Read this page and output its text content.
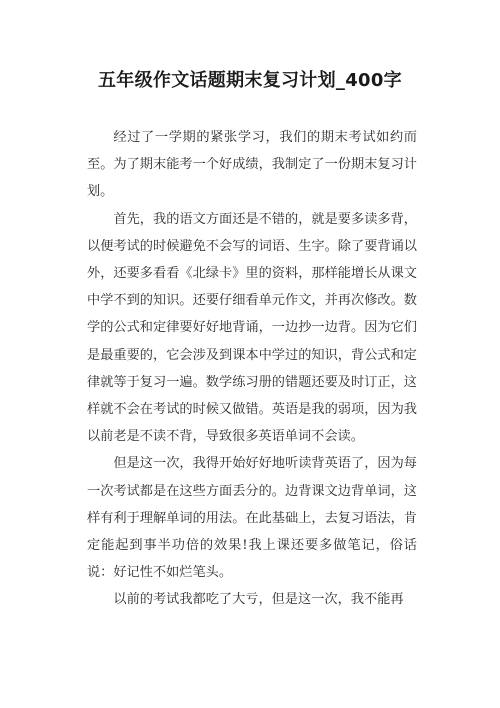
五年级作文话题期末复习计划_400字

经过了一学期的紧张学习，我们的期末考试如约而至。为了期末能考一个好成绩，我制定了一份期末复习计划。

首先，我的语文方面还是不错的，就是要多读多背，以便考试的时候避免不会写的词语、生字。除了要背诵以外，还要多看看《北绿卡》里的资料，那样能增长从课文中学不到的知识。还要仔细看单元作文，并再次修改。数学的公式和定律要好好地背诵，一边抄一边背。因为它们是最重要的，它会涉及到课本中学过的知识，背公式和定律就等于复习一遍。数学练习册的错题还要及时订正，这样就不会在考试的时候又做错。英语是我的弱项，因为我以前老是不读不背，导致很多英语单词不会读。

但是这一次，我得开始好好地听读背英语了，因为每一次考试都是在这些方面丢分的。边背课文边背单词，这样有利于理解单词的用法。在此基础上，去复习语法，肯定能起到事半功倍的效果!我上课还要多做笔记，俗话说：好记性不如烂笔头。

以前的考试我都吃了大亏，但是这一次，我不能再
